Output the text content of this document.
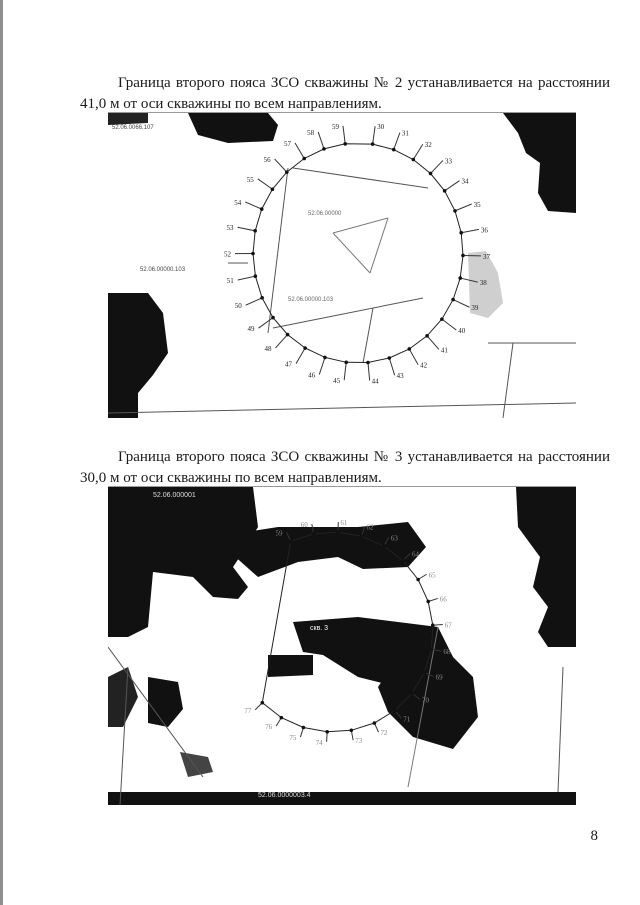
Граница второго пояса ЗСО скважины № 2 устанавливается на расстоянии 41,0 м от оси скважины по всем направлениям.

30
31
32
33
34
35
36
37
38
39
40
41
42
43
44
45
46
47
48
49
50
51
52
53
54
55
56
57
58
59
52.06.0066.107
52.06.00000.103
52.06.00000
52.06.00000.103

Граница второго пояса ЗСО скважины № 3 устанавливается на расстоянии 30,0 м от оси скважины по всем направлениям.

59
60	61
62
63
64
65
66
67
68
69
70
71
72
73
74
75
76
77
52.06.000001
52.06.0000003.4
скв. 3
8
